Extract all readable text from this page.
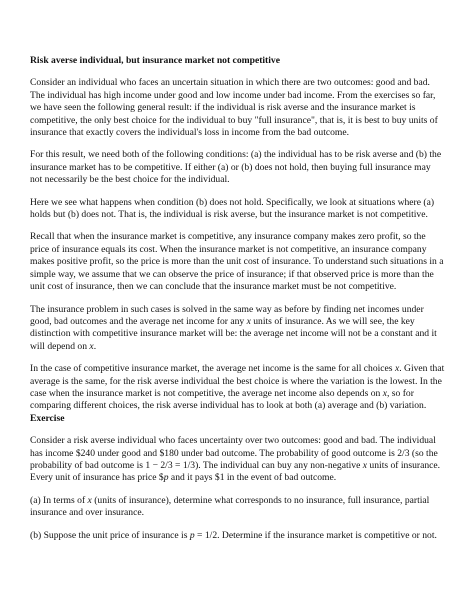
Risk averse individual, but insurance market not competitive

Consider an individual who faces an uncertain situation in which there are two outcomes: good and bad. The individual has high income under good and low income under bad income. From the exercises so far, we have seen the following general result: if the individual is risk averse and the insurance market is competitive, the only best choice for the individual to buy "full insurance", that is, it is best to buy units of insurance that exactly covers the individual's loss in income from the bad outcome.

For this result, we need both of the following conditions: (a) the individual has to be risk averse and (b) the insurance market has to be competitive. If either (a) or (b) does not hold, then buying full insurance may not necessarily be the best choice for the individual.

Here we see what happens when condition (b) does not hold. Specifically, we look at situations where (a) holds but (b) does not. That is, the individual is risk averse, but the insurance market is not competitive.

Recall that when the insurance market is competitive, any insurance company makes zero profit, so the price of insurance equals its cost. When the insurance market is not competitive, an insurance company makes positive profit, so the price is more than the unit cost of insurance. To understand such situations in a simple way, we assume that we can observe the price of insurance; if that observed price is more than the unit cost of insurance, then we can conclude that the insurance market must be not competitive.

The insurance problem in such cases is solved in the same way as before by finding net incomes under good, bad outcomes and the average net income for any x units of insurance. As we will see, the key distinction with competitive insurance market will be: the average net income will not be a constant and it will depend on x.

In the case of competitive insurance market, the average net income is the same for all choices x. Given that average is the same, for the risk averse individual the best choice is where the variation is the lowest. In the case when the insurance market is not competitive, the average net income also depends on x, so for comparing different choices, the risk averse individual has to look at both (a) average and (b) variation.

Exercise

Consider a risk averse individual who faces uncertainty over two outcomes: good and bad. The individual has income $240 under good and $180 under bad outcome. The probability of good outcome is 2/3 (so the probability of bad outcome is 1 − 2/3 = 1/3). The individual can buy any non-negative x units of insurance. Every unit of insurance has price $p and it pays $1 in the event of bad outcome.

(a) In terms of x (units of insurance), determine what corresponds to no insurance, full insurance, partial insurance and over insurance.

(b) Suppose the unit price of insurance is p = 1/2. Determine if the insurance market is competitive or not.
